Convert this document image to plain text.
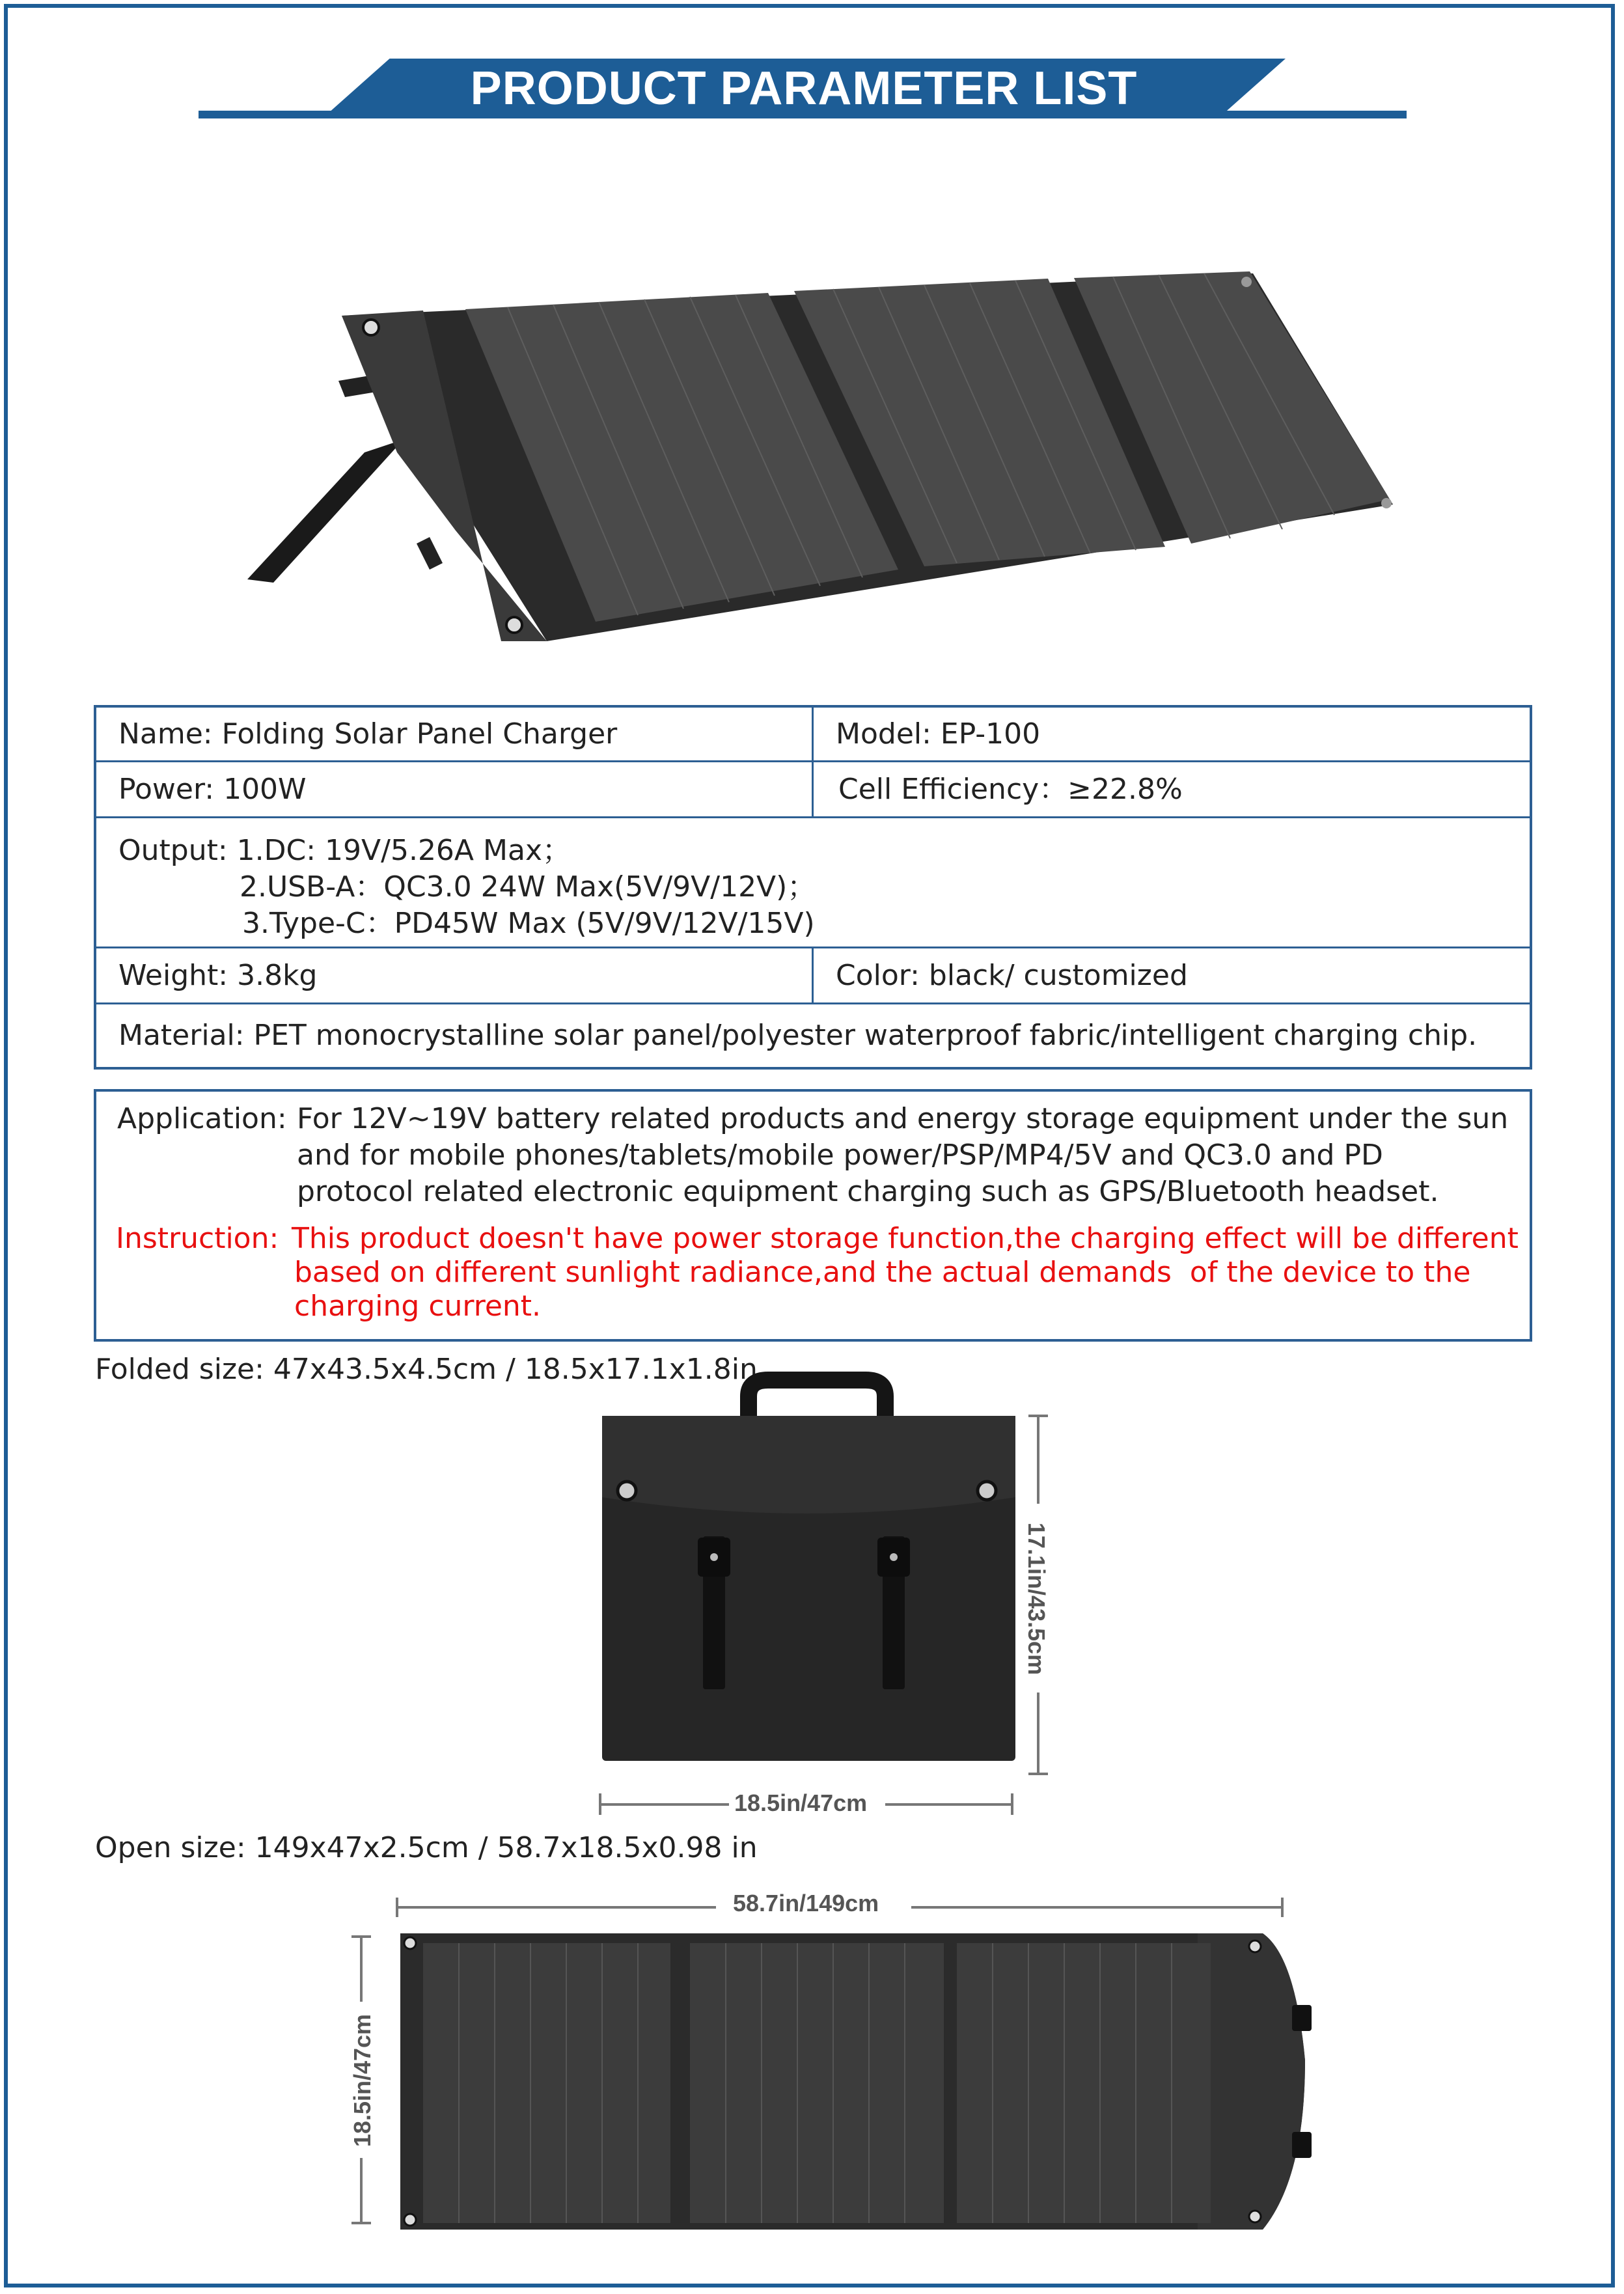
PRODUCT PARAMETER LIST
Name: Folding Solar Panel Charger	Model: EP-100
Power: 100W	Cell Efficiency：≥22.8%
Output: 1.DC: 19V/5.26A Max；
2.USB-A：QC3.0 24W Max(5V/9V/12V)；
3.Type-C：PD45W Max (5V/9V/12V/15V)
Weight: 3.8kg	Color: black/ customized
Material: PET monocrystalline solar panel/polyester waterproof fabric/intelligent charging chip.
Application: For 12V~19V battery related products and energy storage equipment under the sun
and for mobile phones/tablets/mobile power/PSP/MP4/5V and QC3.0 and PD
protocol related electronic equipment charging such as GPS/Bluetooth headset.
Instruction: This product doesn't have power storage function,the charging effect will be different
based on different sunlight radiance,and the actual demands  of the device to the
charging current.
Folded size: 47x43.5x4.5cm / 18.5x17.1x1.8in
18.5in/47cm
17.1in/43.5cm
Open size: 149x47x2.5cm / 58.7x18.5x0.98 in
58.7in/149cm
18.5in/47cm
